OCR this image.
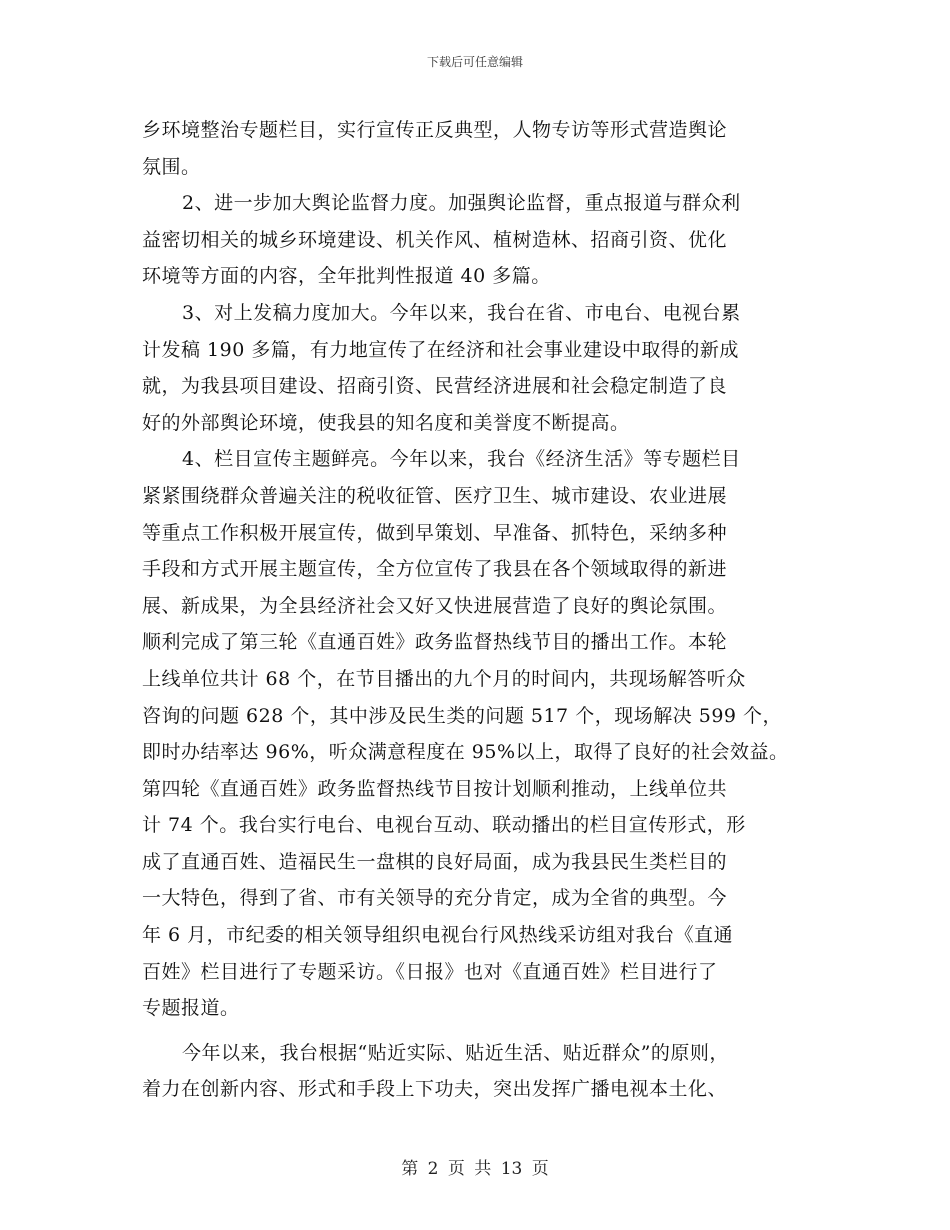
下载后可任意编辑
乡环境整治专题栏目，实行宣传正反典型，人物专访等形式营造舆论
氛围。
2、进一步加大舆论监督力度。加强舆论监督，重点报道与群众利
益密切相关的城乡环境建设、机关作风、植树造林、招商引资、优化
环境等方面的内容，全年批判性报道 40 多篇。
3、对上发稿力度加大。今年以来，我台在省、市电台、电视台累
计发稿 190 多篇，有力地宣传了在经济和社会事业建设中取得的新成
就，为我县项目建设、招商引资、民营经济进展和社会稳定制造了良
好的外部舆论环境，使我县的知名度和美誉度不断提高。
4、栏目宣传主题鲜亮。今年以来，我台《经济生活》等专题栏目
紧紧围绕群众普遍关注的税收征管、医疗卫生、城市建设、农业进展
等重点工作积极开展宣传，做到早策划、早准备、抓特色，采纳多种
手段和方式开展主题宣传，全方位宣传了我县在各个领域取得的新进
展、新成果，为全县经济社会又好又快进展营造了良好的舆论氛围。
顺利完成了第三轮《直通百姓》政务监督热线节目的播出工作。本轮
上线单位共计 68 个，在节目播出的九个月的时间内，共现场解答听众
咨询的问题 628 个，其中涉及民生类的问题 517 个，现场解决 599 个，
即时办结率达 96%，听众满意程度在 95%以上，取得了良好的社会效益。
第四轮《直通百姓》政务监督热线节目按计划顺利推动，上线单位共
计 74 个。我台实行电台、电视台互动、联动播出的栏目宣传形式，形
成了直通百姓、造福民生一盘棋的良好局面，成为我县民生类栏目的
一大特色，得到了省、市有关领导的充分肯定，成为全省的典型。今
年 6 月，市纪委的相关领导组织电视台行风热线采访组对我台《直通
百姓》栏目进行了专题采访。《日报》也对《直通百姓》栏目进行了
专题报道。
今年以来，我台根据“贴近实际、贴近生活、贴近群众”的原则，
着力在创新内容、形式和手段上下功夫，突出发挥广播电视本土化、
第 2 页 共 13 页
